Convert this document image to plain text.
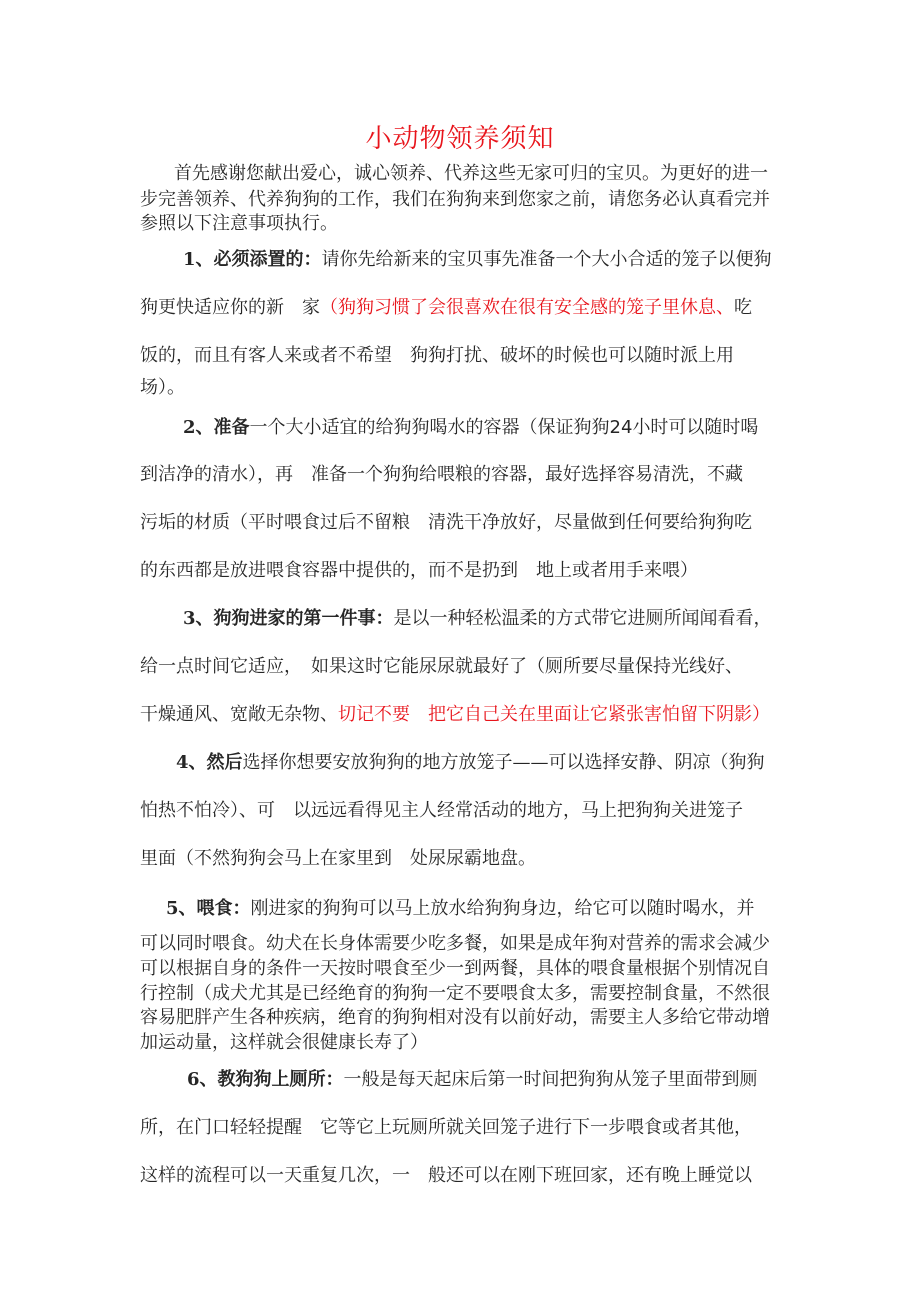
小动物领养须知
首先感谢您献出爱心，诚心领养、代养这些无家可归的宝贝。为更好的进一
步完善领养、代养狗狗的工作，我们在狗狗来到您家之前，请您务必认真看完并
参照以下注意事项执行。
1、必须添置的：请你先给新来的宝贝事先准备一个大小合适的笼子以便狗
狗更快适应你的新　家（狗狗习惯了会很喜欢在很有安全感的笼子里休息、吃
饭的，而且有客人来或者不希望　狗狗打扰、破坏的时候也可以随时派上用
场）。
2、准备一个大小适宜的给狗狗喝水的容器（保证狗狗24小时可以随时喝
到洁净的清水），再　准备一个狗狗给喂粮的容器，最好选择容易清洗，不藏
污垢的材质（平时喂食过后不留粮　清洗干净放好，尽量做到任何要给狗狗吃
的东西都是放进喂食容器中提供的，而不是扔到　地上或者用手来喂）
3、狗狗进家的第一件事：是以一种轻松温柔的方式带它进厕所闻闻看看，
给一点时间它适应，　如果这时它能尿尿就最好了（厕所要尽量保持光线好、
干燥通风、宽敞无杂物、切记不要　把它自己关在里面让它紧张害怕留下阴影）
4、然后选择你想要安放狗狗的地方放笼子——可以选择安静、阴凉（狗狗
怕热不怕冷）、可　以远远看得见主人经常活动的地方，马上把狗狗关进笼子
里面（不然狗狗会马上在家里到　处尿尿霸地盘。
5、喂食：刚进家的狗狗可以马上放水给狗狗身边，给它可以随时喝水，并
可以同时喂食。幼犬在长身体需要少吃多餐，如果是成年狗对营养的需求会减少
可以根据自身的条件一天按时喂食至少一到两餐，具体的喂食量根据个别情况自
行控制（成犬尤其是已经绝育的狗狗一定不要喂食太多，需要控制食量，不然很
容易肥胖产生各种疾病，绝育的狗狗相对没有以前好动，需要主人多给它带动增
加运动量，这样就会很健康长寿了）
6、教狗狗上厕所：一般是每天起床后第一时间把狗狗从笼子里面带到厕
所，在门口轻轻提醒　它等它上玩厕所就关回笼子进行下一步喂食或者其他，
这样的流程可以一天重复几次，一　般还可以在刚下班回家，还有晚上睡觉以
